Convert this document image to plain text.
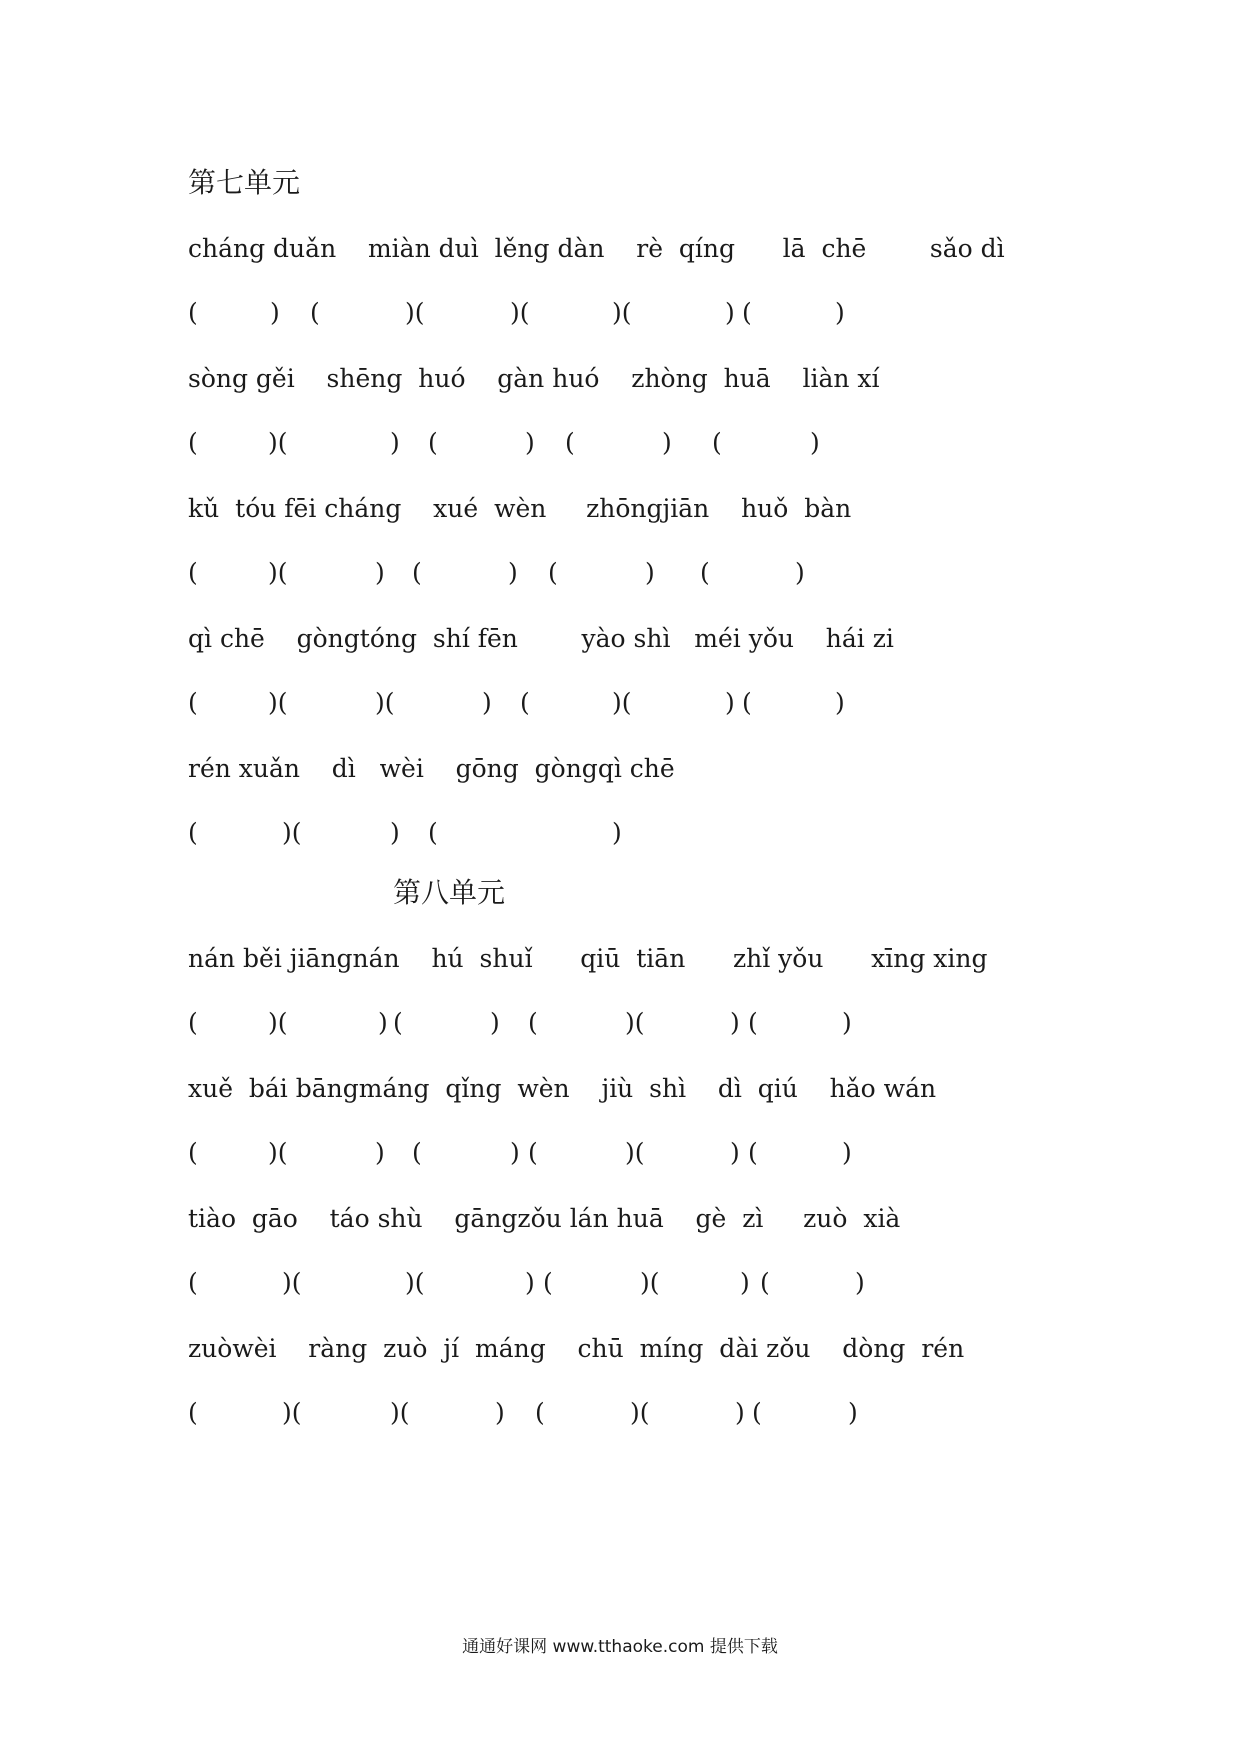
第七单元
cháng duǎn    miàn duì  lěng dàn    rè  qíng      lā  chē        sǎo dì
(	) (	)(	)(	)(	) (	)
sòng gěi    shēng  huó    gàn huó    zhòng  huā    liàn xí
(	)(	) (	) (	) (	)
kǔ  tóu fēi cháng    xué  wèn     zhōngjiān    huǒ  bàn
(	)(	) (	) (	) (	)
qì chē    gòngtóng  shí fēn        yào shì   méi yǒu    hái zi
(	)(	)(	) (	)(	) (	)
rén xuǎn    dì   wèi    gōng  gòngqì chē
(	)(	) (	)
第八单元
nán běi jiāngnán    hú  shuǐ      qiū  tiān      zhǐ yǒu      xīng xing
(	)(	) (	) (	)(	) (	)
xuě  bái bāngmáng  qǐng  wèn    jiù  shì    dì  qiú    hǎo wán
(	)(	) (	) (	)(	) (	)
tiào  gāo    táo shù    gāngzǒu lán huā    gè  zì     zuò  xià
(	)(	)(	) (	)(	) (	)
zuòwèi    ràng  zuò  jí  máng    chū  míng  dài zǒu    dòng  rén
(	)(	)(	) (	)(	) (	)
通通好课网 www.tthaoke.com 提供下载
